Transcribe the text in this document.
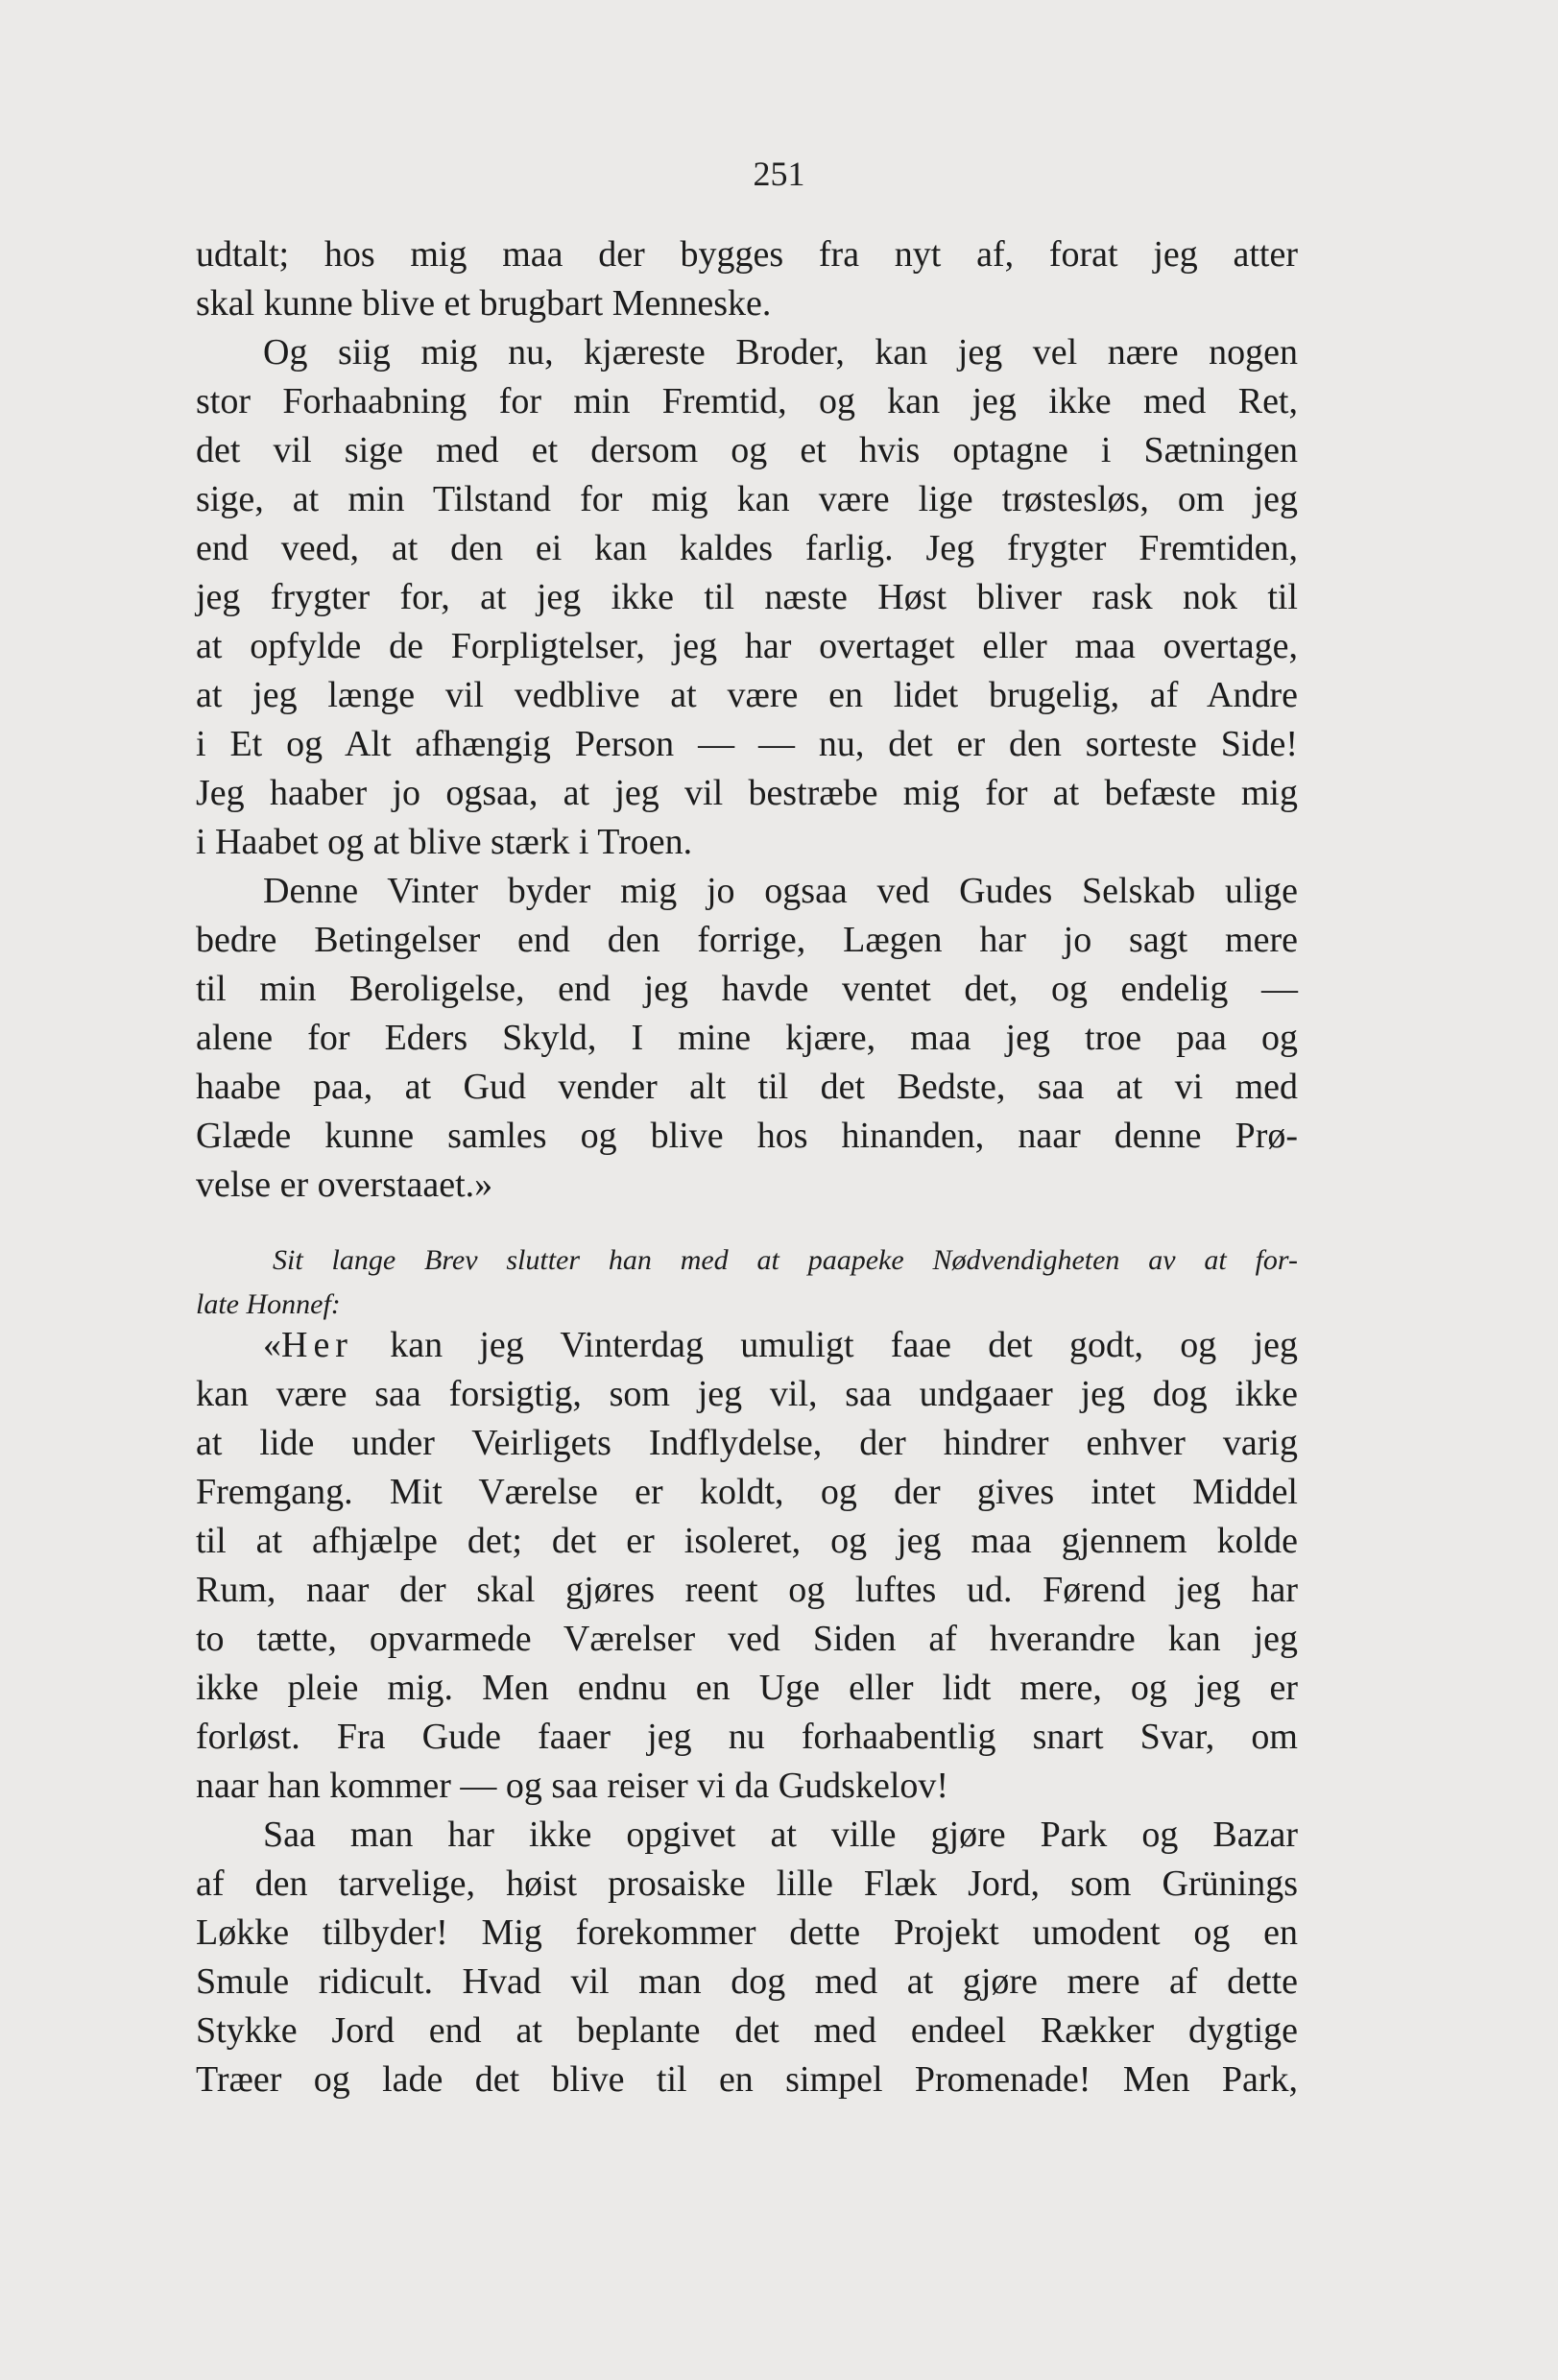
251
udtalt; hos mig maa der bygges fra nyt af, forat jeg atter
skal kunne blive et brugbart Menneske.
Og siig mig nu, kjæreste Broder, kan jeg vel nære nogen
stor Forhaabning for min Fremtid, og kan jeg ikke med Ret,
det vil sige med et dersom og et hvis optagne i Sætningen
sige, at min Tilstand for mig kan være lige trøstesløs, om jeg
end veed, at den ei kan kaldes farlig. Jeg frygter Fremtiden,
jeg frygter for, at jeg ikke til næste Høst bliver rask nok til
at opfylde de Forpligtelser, jeg har overtaget eller maa overtage,
at jeg længe vil vedblive at være en lidet brugelig, af Andre
i Et og Alt afhængig Person — — nu, det er den sorteste Side!
Jeg haaber jo ogsaa, at jeg vil bestræbe mig for at befæste mig
i Haabet og at blive stærk i Troen.
Denne Vinter byder mig jo ogsaa ved Gudes Selskab ulige
bedre Betingelser end den forrige, Lægen har jo sagt mere
til min Beroligelse, end jeg havde ventet det, og endelig —
alene for Eders Skyld, I mine kjære, maa jeg troe paa og
haabe paa, at Gud vender alt til det Bedste, saa at vi med
Glæde kunne samles og blive hos hinanden, naar denne Prø-
velse er overstaaet.»
Sit lange Brev slutter han med at paapeke Nødvendigheten av at for-
late Honnef:
«Her kan jeg Vinterdag umuligt faae det godt, og jeg
kan være saa forsigtig, som jeg vil, saa undgaaer jeg dog ikke
at lide under Veirligets Indflydelse, der hindrer enhver varig
Fremgang. Mit Værelse er koldt, og der gives intet Middel
til at afhjælpe det; det er isoleret, og jeg maa gjennem kolde
Rum, naar der skal gjøres reent og luftes ud. Førend jeg har
to tætte, opvarmede Værelser ved Siden af hverandre kan jeg
ikke pleie mig. Men endnu en Uge eller lidt mere, og jeg er
forløst. Fra Gude faaer jeg nu forhaabentlig snart Svar, om
naar han kommer — og saa reiser vi da Gudskelov!
Saa man har ikke opgivet at ville gjøre Park og Bazar
af den tarvelige, høist prosaiske lille Flæk Jord, som Grünings
Løkke tilbyder! Mig forekommer dette Projekt umodent og en
Smule ridicult. Hvad vil man dog med at gjøre mere af dette
Stykke Jord end at beplante det med endeel Rækker dygtige
Træer og lade det blive til en simpel Promenade! Men Park,
